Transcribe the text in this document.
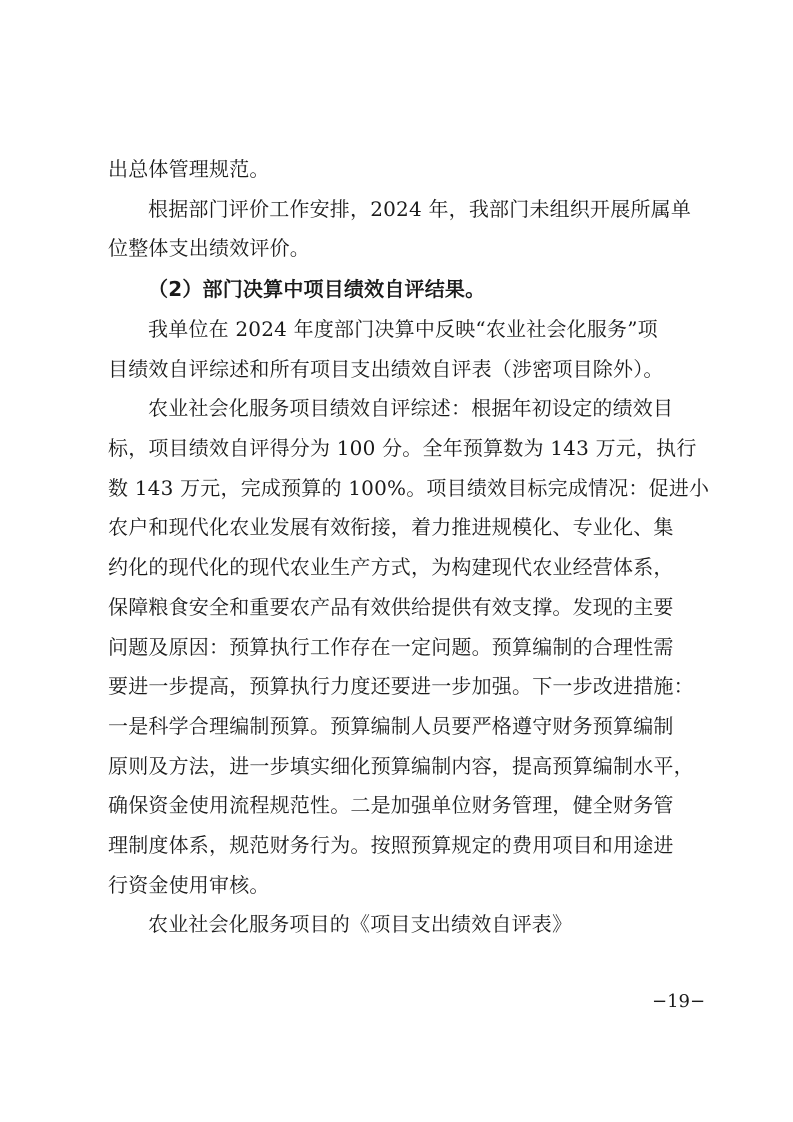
出总体管理规范。
根据部门评价工作安排，2024 年，我部门未组织开展所属单
位整体支出绩效评价。
（2）部门决算中项目绩效自评结果。
我单位在 2024 年度部门决算中反映“农业社会化服务”项
目绩效自评综述和所有项目支出绩效自评表（涉密项目除外）。
农业社会化服务项目绩效自评综述：根据年初设定的绩效目
标，项目绩效自评得分为 100 分。全年预算数为 143 万元，执行
数 143 万元，完成预算的 100%。项目绩效目标完成情况：促进小
农户和现代化农业发展有效衔接，着力推进规模化、专业化、集
约化的现代化的现代农业生产方式，为构建现代农业经营体系，
保障粮食安全和重要农产品有效供给提供有效支撑。发现的主要
问题及原因：预算执行工作存在一定问题。预算编制的合理性需
要进一步提高，预算执行力度还要进一步加强。下一步改进措施：
一是科学合理编制预算。预算编制人员要严格遵守财务预算编制
原则及方法，进一步填实细化预算编制内容，提高预算编制水平，
确保资金使用流程规范性。二是加强单位财务管理，健全财务管
理制度体系，规范财务行为。按照预算规定的费用项目和用途进
行资金使用审核。
农业社会化服务项目的《项目支出绩效自评表》
−19−
